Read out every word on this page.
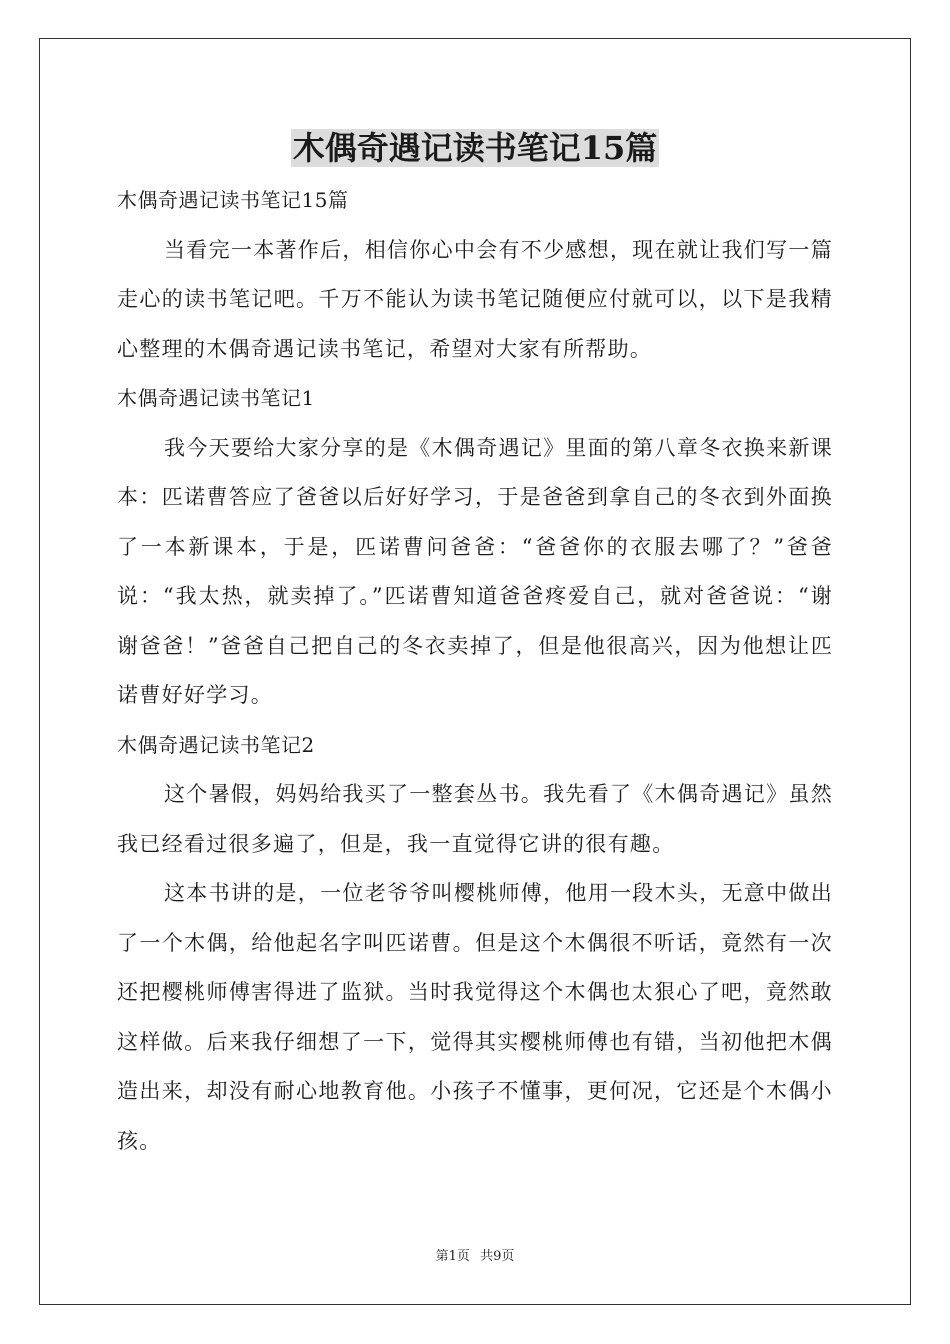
木偶奇遇记读书笔记15篇

木偶奇遇记读书笔记15篇

当看完一本著作后，相信你心中会有不少感想，现在就让我们写一篇走心的读书笔记吧。千万不能认为读书笔记随便应付就可以，以下是我精心整理的木偶奇遇记读书笔记，希望对大家有所帮助。

木偶奇遇记读书笔记1

我今天要给大家分享的是《木偶奇遇记》里面的第八章冬衣换来新课本：匹诺曹答应了爸爸以后好好学习，于是爸爸到拿自己的冬衣到外面换了一本新课本，于是，匹诺曹问爸爸：“爸爸你的衣服去哪了？”爸爸说：“我太热，就卖掉了。”匹诺曹知道爸爸疼爱自己，就对爸爸说：“谢谢爸爸！”爸爸自己把自己的冬衣卖掉了，但是他很高兴，因为他想让匹诺曹好好学习。

木偶奇遇记读书笔记2

这个暑假，妈妈给我买了一整套丛书。我先看了《木偶奇遇记》虽然我已经看过很多遍了，但是，我一直觉得它讲的很有趣。

这本书讲的是，一位老爷爷叫樱桃师傅，他用一段木头，无意中做出了一个木偶，给他起名字叫匹诺曹。但是这个木偶很不听话，竟然有一次还把樱桃师傅害得进了监狱。当时我觉得这个木偶也太狠心了吧，竟然敢这样做。后来我仔细想了一下，觉得其实樱桃师傅也有错，当初他把木偶造出来，却没有耐心地教育他。小孩子不懂事，更何况，它还是个木偶小孩。

第1页 共9页
